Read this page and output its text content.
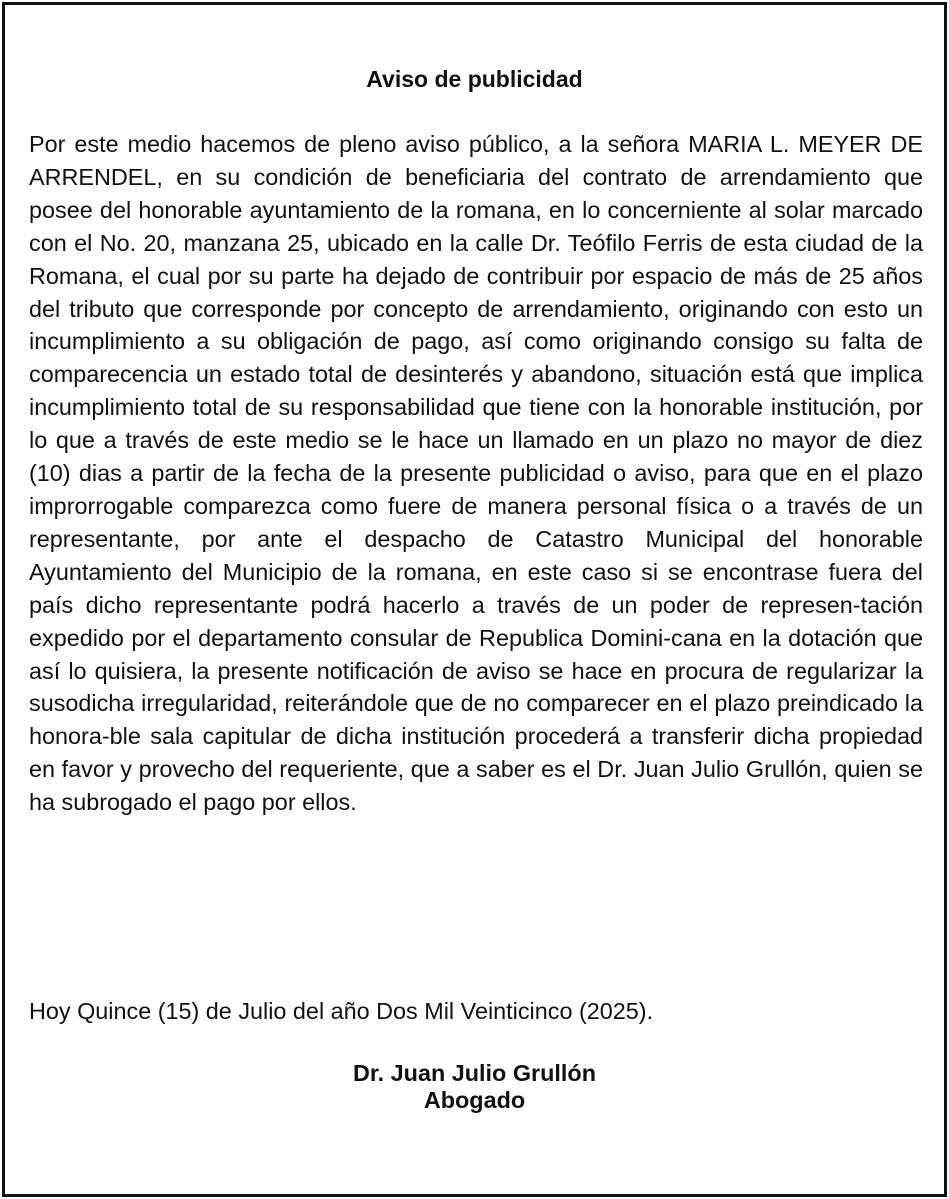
Aviso de publicidad

Por este medio hacemos de pleno aviso público, a la señora MARIA L. MEYER DE ARRENDEL, en su condición de beneficiaria del contrato de arrendamiento que posee del honorable ayuntamiento de la romana, en lo concerniente al solar marcado con el No. 20, manzana 25, ubicado en la calle Dr. Teófilo Ferris de esta ciudad de la Romana, el cual por su parte ha dejado de contribuir por espacio de más de 25 años del tributo que corresponde por concepto de arrendamiento, originando con esto un incumplimiento a su obligación de pago, así como originando consigo su falta de comparecencia un estado total de desinterés y abandono, situación está que implica incumplimiento total de su responsabilidad que tiene con la honorable institución, por lo que a través de este medio se le hace un llamado en un plazo no mayor de diez (10) dias a partir de la fecha de la presente publicidad o aviso, para que en el plazo improrrogable comparezca como fuere de manera personal física o a través de un representante, por ante el despacho de Catastro Municipal del honorable Ayuntamiento del Municipio de la romana, en este caso si se encontrase fuera del país dicho representante podrá hacerlo a través de un poder de represen-tación expedido por el departamento consular de Republica Domini-cana en la dotación que así lo quisiera, la presente notificación de aviso se hace en procura de regularizar la susodicha irregularidad, reiterándole que de no comparecer en el plazo preindicado la honora-ble sala capitular de dicha institución procederá a transferir dicha propiedad en favor y provecho del requeriente, que a saber es el Dr. Juan Julio Grullón, quien se ha subrogado el pago por ellos.

Hoy Quince (15) de Julio del año Dos Mil Veinticinco (2025).

Dr. Juan Julio Grullón
Abogado
